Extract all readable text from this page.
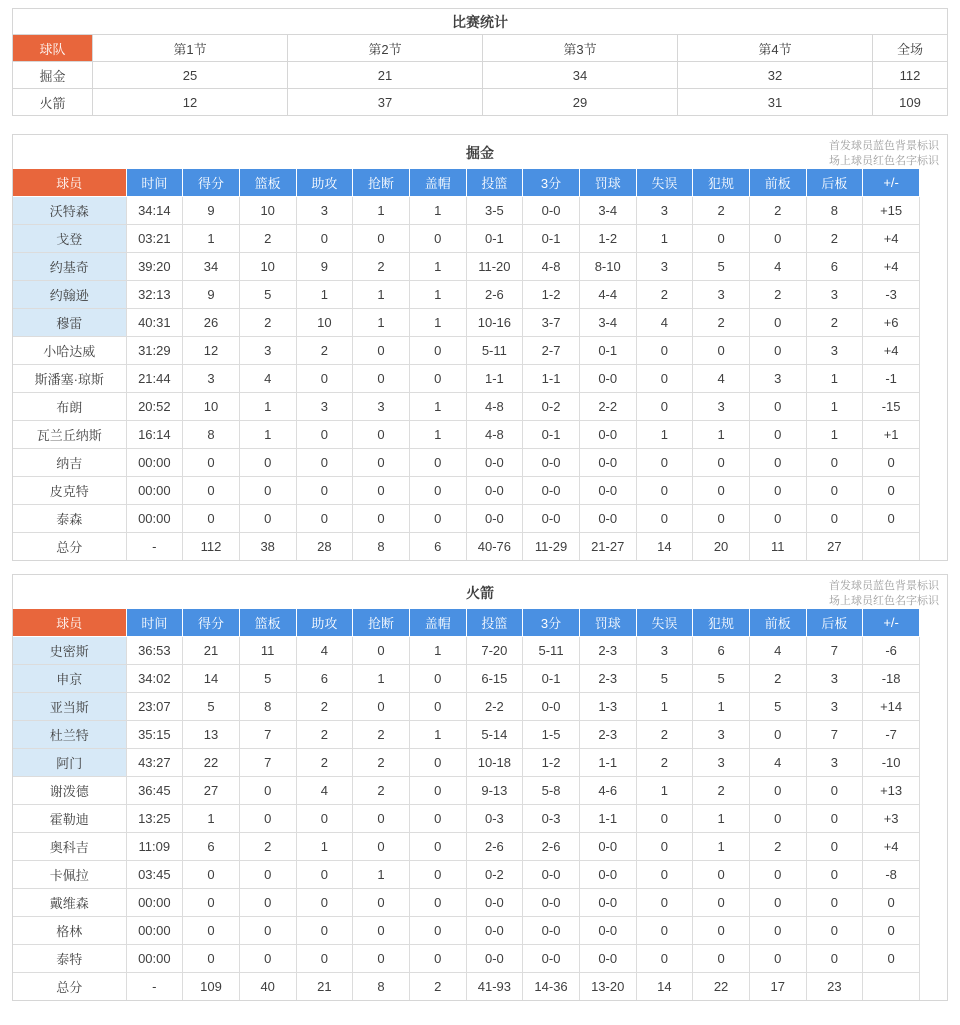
比赛统计					
球队	第1节	第2节	第3节	第4节	全场
掘金	25	21	34	32	112
火箭	12	37	29	31	109
掘金	首发球员蓝色背景标识
场上球员红色名字标识
球员	时间	得分	篮板	助攻	抢断	盖帽	投篮	3分	罚球	失误	犯规	前板	后板	+/-
沃特森	34:14	9	10	3	1	1	3-5	0-0	3-4	3	2	2	8	+15
戈登	03:21	1	2	0	0	0	0-1	0-1	1-2	1	0	0	2	+4
约基奇	39:20	34	10	9	2	1	11-20	4-8	8-10	3	5	4	6	+4
约翰逊	32:13	9	5	1	1	1	2-6	1-2	4-4	2	3	2	3	-3
穆雷	40:31	26	2	10	1	1	10-16	3-7	3-4	4	2	0	2	+6
小哈达威	31:29	12	3	2	0	0	5-11	2-7	0-1	0	0	0	3	+4
斯潘塞·琼斯	21:44	3	4	0	0	0	1-1	1-1	0-0	0	4	3	1	-1
布朗	20:52	10	1	3	3	1	4-8	0-2	2-2	0	3	0	1	-15
瓦兰丘纳斯	16:14	8	1	0	0	1	4-8	0-1	0-0	1	1	0	1	+1
纳吉	00:00	0	0	0	0	0	0-0	0-0	0-0	0	0	0	0	0
皮克特	00:00	0	0	0	0	0	0-0	0-0	0-0	0	0	0	0	0
泰森	00:00	0	0	0	0	0	0-0	0-0	0-0	0	0	0	0	0
总分	-	112	38	28	8	6	40-76	11-29	21-27	14	20	11	27	
火箭	首发球员蓝色背景标识
场上球员红色名字标识
球员	时间	得分	篮板	助攻	抢断	盖帽	投篮	3分	罚球	失误	犯规	前板	后板	+/-
史密斯	36:53	21	11	4	0	1	7-20	5-11	2-3	3	6	4	7	-6
申京	34:02	14	5	6	1	0	6-15	0-1	2-3	5	5	2	3	-18
亚当斯	23:07	5	8	2	0	0	2-2	0-0	1-3	1	1	5	3	+14
杜兰特	35:15	13	7	2	2	1	5-14	1-5	2-3	2	3	0	7	-7
阿门	43:27	22	7	2	2	0	10-18	1-2	1-1	2	3	4	3	-10
谢泼德	36:45	27	0	4	2	0	9-13	5-8	4-6	1	2	0	0	+13
霍勒迪	13:25	1	0	0	0	0	0-3	0-3	1-1	0	1	0	0	+3
奥科吉	11:09	6	2	1	0	0	2-6	2-6	0-0	0	1	2	0	+4
卡佩拉	03:45	0	0	0	1	0	0-2	0-0	0-0	0	0	0	0	-8
戴维森	00:00	0	0	0	0	0	0-0	0-0	0-0	0	0	0	0	0
格林	00:00	0	0	0	0	0	0-0	0-0	0-0	0	0	0	0	0
泰特	00:00	0	0	0	0	0	0-0	0-0	0-0	0	0	0	0	0
总分	-	109	40	21	8	2	41-93	14-36	13-20	14	22	17	23	
